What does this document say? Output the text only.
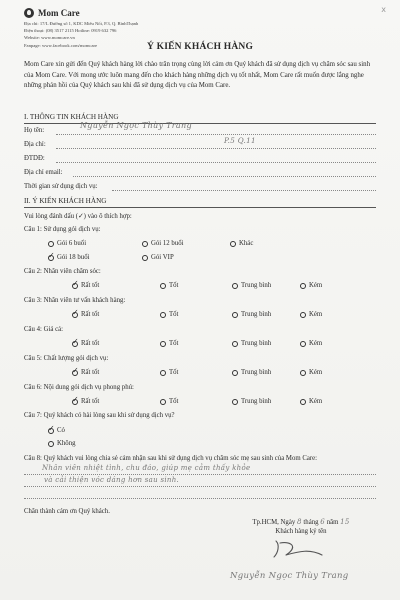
Mom Care
Địa chỉ: 17/L Đường số 1, KDC Miếu Nổi, P.3, Q. BìnhThạnh
Điện thoại: (08) 3517 2115 Hotline: 0919 632 796
Website: www.momcare.vn
Fanpage: www.facebook.com/momcare
x
Ý KIẾN KHÁCH HÀNG
Mom Care xin gửi đến Quý khách hàng lời chào trân trọng cùng lời cảm ơn Quý khách đã sử dụng dịch vụ chăm sóc sau sinh của Mom Care. Với mong ước luôn mang đến cho khách hàng những dịch vụ tốt nhất, Mom Care rất muốn được lắng nghe những phản hồi của Quý khách sau khi đã sử dụng dịch vụ của Mom Care.
I. THÔNG TIN KHÁCH HÀNG
Họ tên:
Nguyễn Ngọc Thùy Trang
Địa chỉ:	P.5 Q.11
ĐTDĐ:
Địa chỉ email:
Thời gian sử dụng dịch vụ:
II. Ý KIẾN KHÁCH HÀNG
Vui lòng đánh dấu (✓) vào ô thích hợp:
Câu 1: Sử dụng gói dịch vụ:
Gói 6 buổi	Gói 12 buổi	Khác
✓ Gói 18 buổi	Gói VIP
Câu 2: Nhân viên chăm sóc:
Câu 3: Nhân viên tư vấn khách hàng:
Câu 4: Giá cả:
Câu 5: Chất lượng gói dịch vụ:
Câu 6: Nội dung gói dịch vụ phong phú:
✓ Rất tốt	Tốt	Trung bình	Kém
✓ Rất tốt	Tốt	Trung bình	Kém
✓ Rất tốt	Tốt	Trung bình	Kém
✓ Rất tốt	Tốt	Trung bình	Kém
✓ Rất tốt	Tốt	Trung bình	Kém
Câu 7: Quý khách có hài lòng sau khi sử dụng dịch vụ?
✓ Có
Không
Câu 8: Quý khách vui lòng chia sẻ cảm nhận sau khi sử dụng dịch vụ chăm sóc mẹ sau sinh của Mom Care:
Nhân viên nhiệt tình, chu đáo, giúp mẹ cảm thấy khỏe
và cải thiện vóc dáng hơn sau sinh.
Chân thành cám ơn Quý khách.
Tp.HCM, Ngày 8 tháng 6 năm 15
Khách hàng ký tên
Nguyễn Ngọc Thùy Trang
